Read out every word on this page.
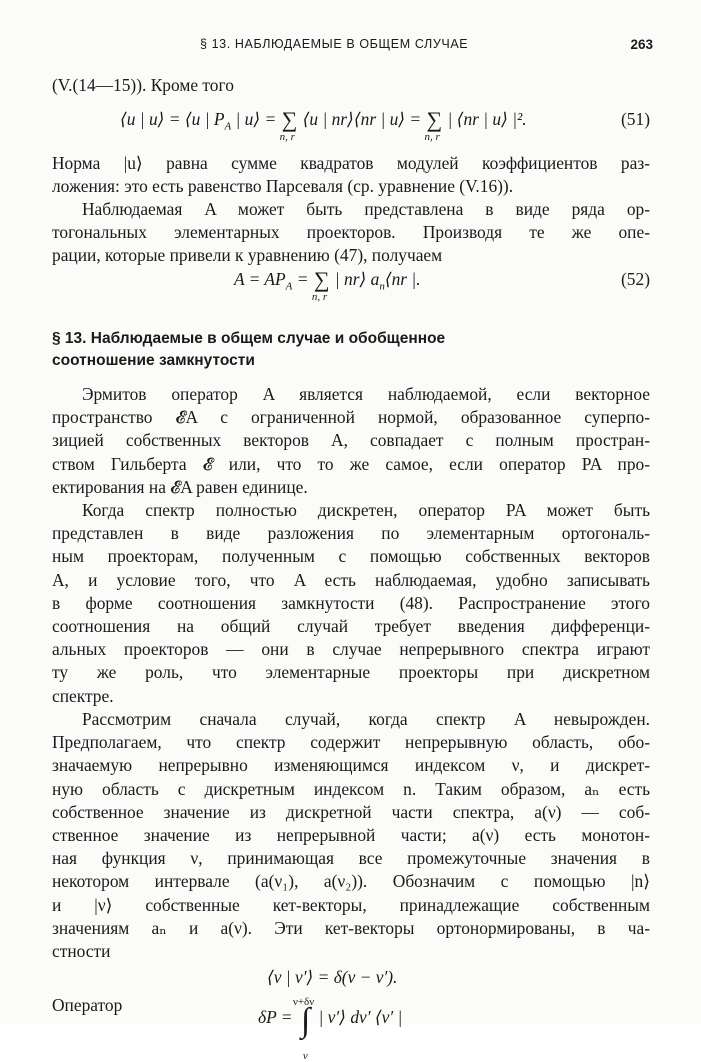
§ 13. НАБЛЮДАЕМЫЕ В ОБЩЕМ СЛУЧАЕ	263
(V.(14—15)). Кроме того
⟨u | u⟩ = ⟨u | $P_A$ | u⟩ = ∑
n, r
⟨u | nr⟩⟨nr | u⟩ = ∑
n, r
| ⟨nr | u⟩ |².	(51)
Норма |u⟩ равна сумме квадратов модулей коэффициентов раз-
ложения: это есть равенство Парсеваля (ср. уравнение (V.16)).
Наблюдаемая A может быть представлена в виде ряда ор-
тогональных элементарных проекторов. Производя те же опе-
рации, которые привели к уравнению (47), получаем
$A = AP_A$ = ∑
n, r
| nr⟩ $a_n⟨nr$ |.	(52)
§ 13. Наблюдаемые в общем случае и обобщенное
соотношение замкнутости
Эрмитов оператор A является наблюдаемой, если векторное
пространство 𝓔A с ограниченной нормой, образованное суперпо-
зицией собственных векторов A, совпадает с полным простран-
ством Гильберта 𝓔 или, что то же самое, если оператор PA про-
ектирования на 𝓔A равен единице.
Когда спектр полностью дискретен, оператор PA может быть
представлен в виде разложения по элементарным ортогональ-
ным проекторам, полученным с помощью собственных векторов
A, и условие того, что A есть наблюдаемая, удобно записывать
в форме соотношения замкнутости (48). Распространение этого
соотношения на общий случай требует введения дифференци-
альных проекторов — они в случае непрерывного спектра играют
ту же роль, что элементарные проекторы при дискретном
спектре.
Рассмотрим сначала случай, когда спектр A невырожден.
Предполагаем, что спектр содержит непрерывную область, обо-
значаемую непрерывно изменяющимся индексом ν, и дискрет-
ную область с дискретным индексом n. Таким образом, aₙ есть
собственное значение из дискретной части спектра, a(ν) — соб-
ственное значение из непрерывной части; a(ν) есть монотон-
ная функция ν, принимающая все промежуточные значения в
некотором интервале (a(ν₁), a(ν₂)). Обозначим с помощью |n⟩
и |ν⟩ собственные кет-векторы, принадлежащие собственным
значениям aₙ и a(ν). Эти кет-векторы ортонормированы, в ча-
стности
⟨ν | ν′⟩ = δ(ν − ν′).
Оператор
δP = ∫
ν+δν
ν
| ν′⟩ dν′ ⟨ν′ |
